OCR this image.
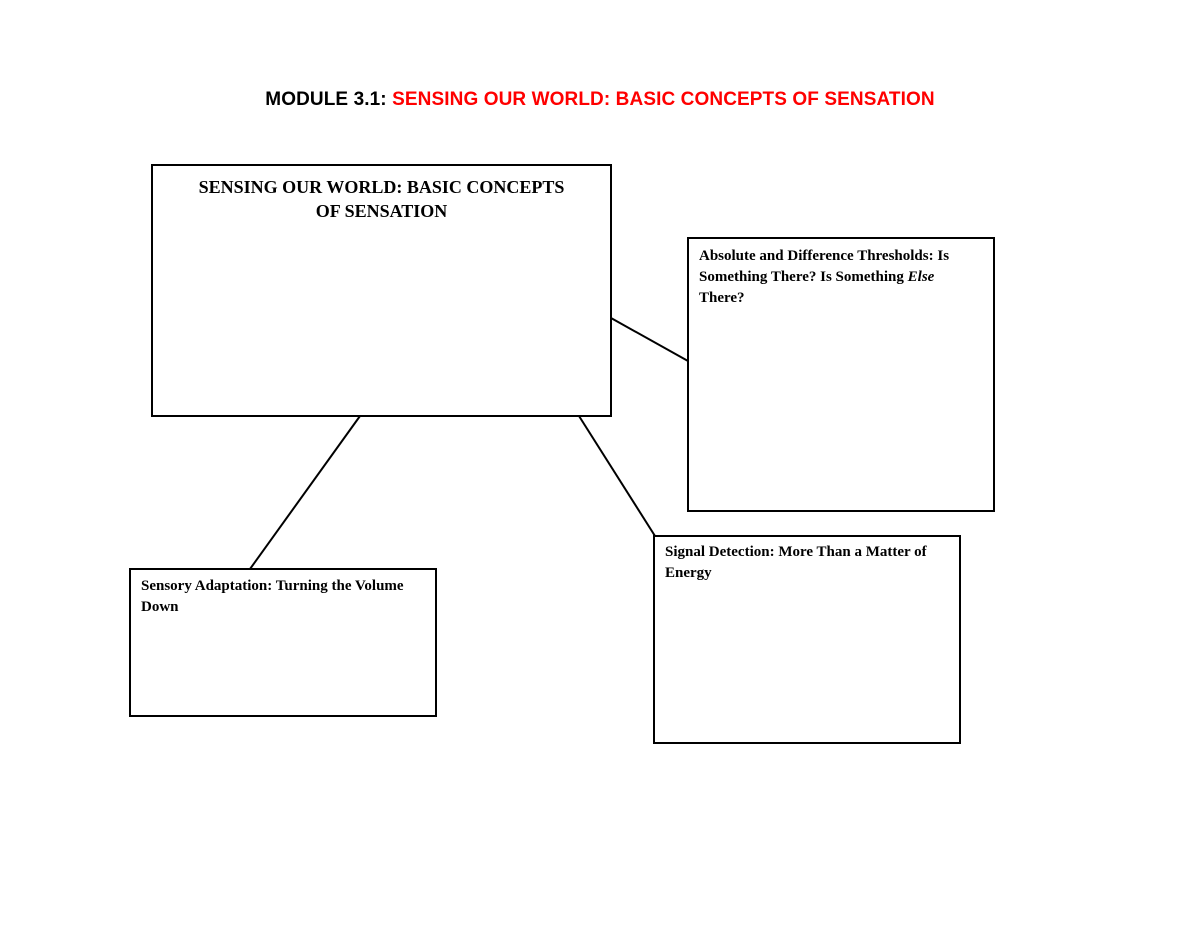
MODULE 3.1: SENSING OUR WORLD: BASIC CONCEPTS OF SENSATION
SENSING OUR WORLD: BASIC CONCEPTS
OF SENSATION
Absolute and Difference Thresholds: Is Something There? Is Something Else There?
Signal Detection: More Than a Matter of Energy
Sensory Adaptation: Turning the Volume Down
